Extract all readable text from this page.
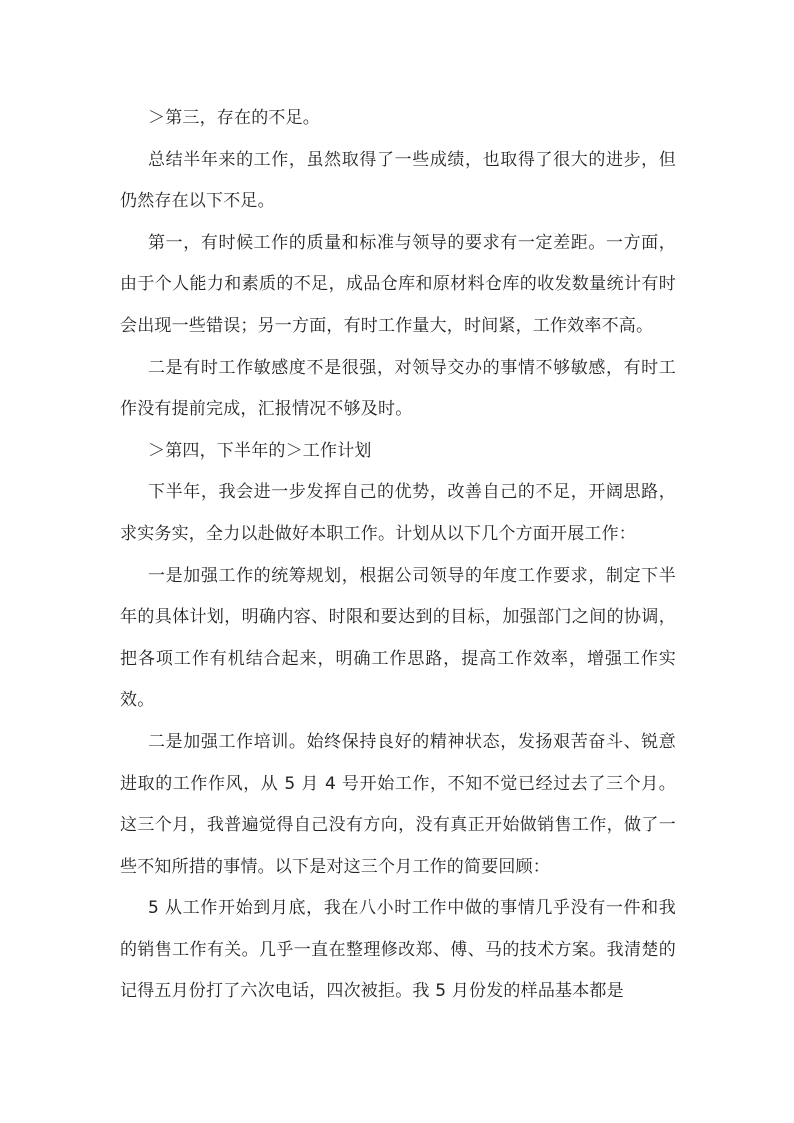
＞第三，存在的不足。

总结半年来的工作，虽然取得了一些成绩，也取得了很大的进步，但仍然存在以下不足。

第一，有时候工作的质量和标准与领导的要求有一定差距。一方面，由于个人能力和素质的不足，成品仓库和原材料仓库的收发数量统计有时会出现一些错误；另一方面，有时工作量大，时间紧，工作效率不高。

二是有时工作敏感度不是很强，对领导交办的事情不够敏感，有时工作没有提前完成，汇报情况不够及时。

＞第四，下半年的＞工作计划

下半年，我会进一步发挥自己的优势，改善自己的不足，开阔思路，求实务实，全力以赴做好本职工作。计划从以下几个方面开展工作：

一是加强工作的统筹规划，根据公司领导的年度工作要求，制定下半年的具体计划，明确内容、时限和要达到的目标，加强部门之间的协调，把各项工作有机结合起来，明确工作思路，提高工作效率，增强工作实效。

二是加强工作培训。始终保持良好的精神状态，发扬艰苦奋斗、锐意进取的工作作风，从 5 月 4 号开始工作，不知不觉已经过去了三个月。这三个月，我普遍觉得自己没有方向，没有真正开始做销售工作，做了一些不知所措的事情。以下是对这三个月工作的简要回顾：

5 从工作开始到月底，我在八小时工作中做的事情几乎没有一件和我的销售工作有关。几乎一直在整理修改郑、傅、马的技术方案。我清楚的记得五月份打了六次电话，四次被拒。我 5 月份发的样品基本都是
